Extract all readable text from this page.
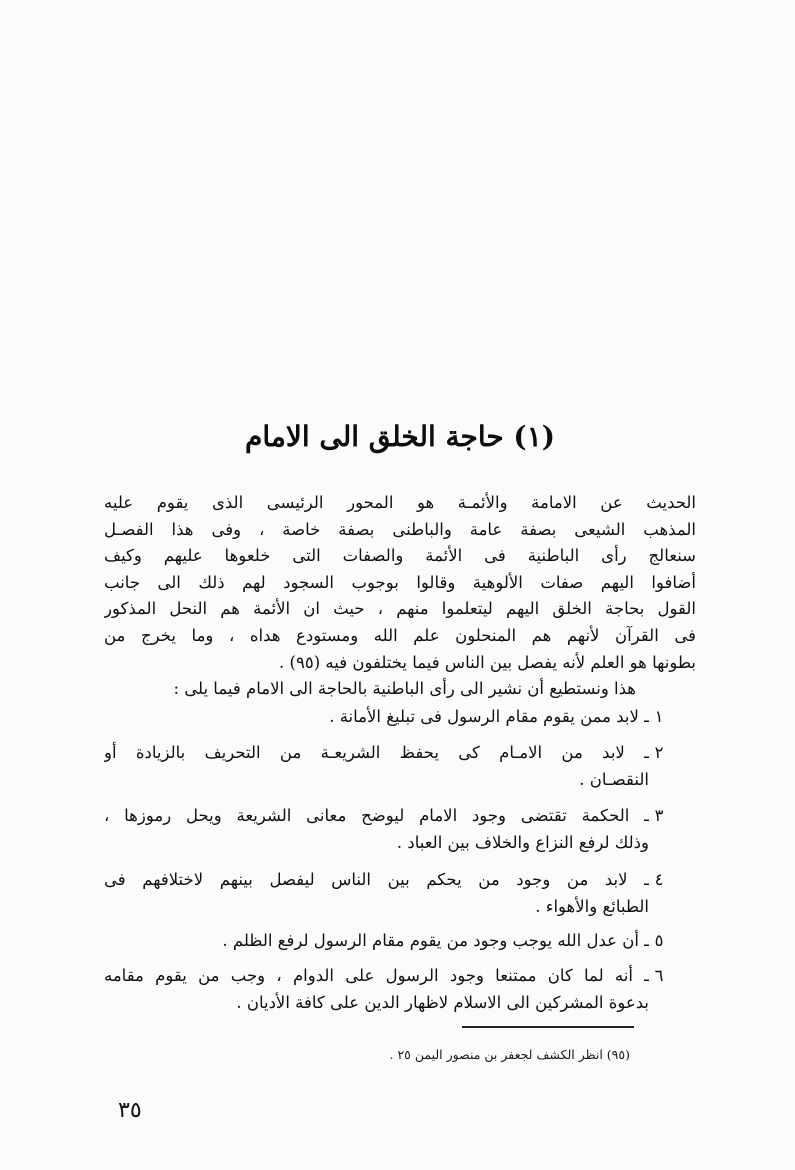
(١) حاجة الخلق الى الامام
الحديث عن الامامة والأئمـة هو المحور الرئيسى الذى يقوم عليه
المذهب الشيعى بصفة عامة والباطنى بصفة خاصة ، وفى هذا الفصـل
سنعالج رأى الباطنية فى الأئمة والصفات التى خلعوها عليهم وكيف
أضافوا اليهم صفات الألوهية وقالوا بوجوب السجود لهم ذلك الى جانب
القول بحاجة الخلق اليهم ليتعلموا منهم ، حيث ان الأئمة هم النحل المذكور
فى القرآن لأنهم هم المنحلون علم الله ومستودع هداه ، وما يخرج من
بطونها هو العلم لأنه يفصل بين الناس فيما يختلفون فيه (٩٥) .
هذا ونستطيع أن نشير الى رأى الباطنية بالحاجة الى الامام فيما يلى :
١
ـ لابد ممن يقوم مقام الرسول فى تبليغ الأمانة .
٢
ـ لابد من الامـام كى يحفظ الشريعـة من التحريف بالزيادة أو
النقصـان .
٣
ـ الحكمة تقتضى وجود الامام ليوضح معانى الشريعة ويحل رموزها ،
وذلك لرفع النزاع والخلاف بين العباد .
٤
ـ لابد من وجود من يحكم بين الناس ليفصل بينهم لاختلافهم فى
الطبائع والأهواء .
٥
ـ أن عدل الله يوجب وجود من يقوم مقام الرسول لرفع الظلم .
٦
ـ أنه لما كان ممتنعا وجود الرسول على الدوام ، وجب من يقوم مقامه
بدعوة المشركين الى الاسلام لاظهار الدين على كافة الأديان .
(٩٥) انظر الكشف لجعفر بن منصور اليمن ٢٥ .
٣٥
